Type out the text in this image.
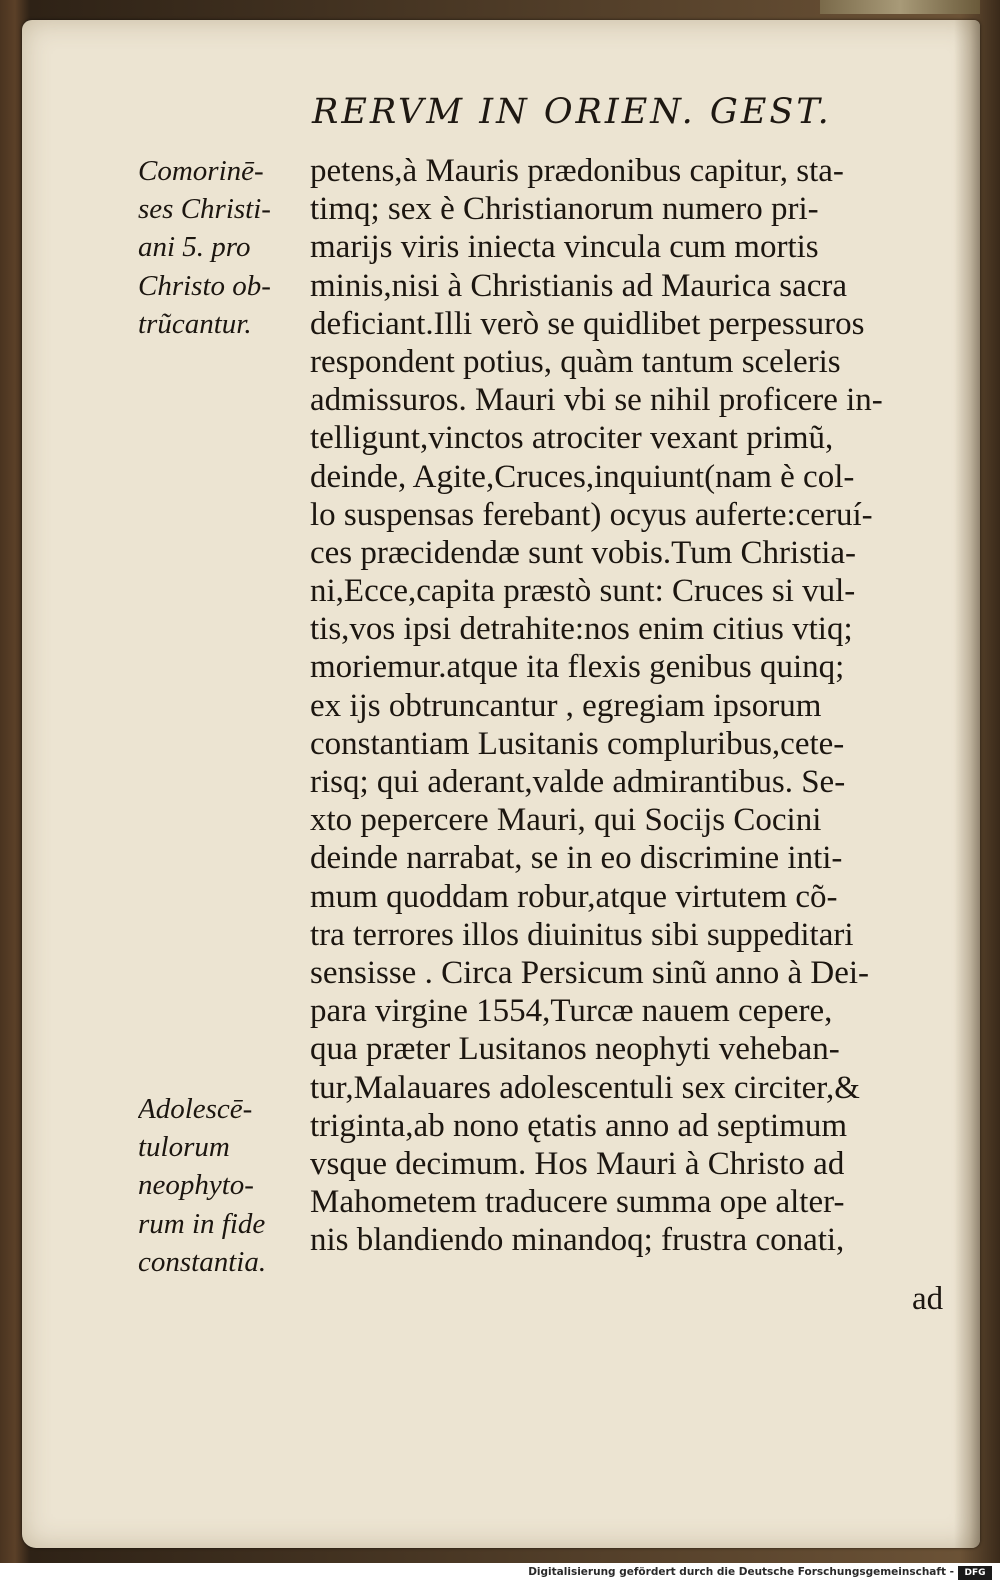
RERVM IN ORIEN. GEST.
Comorinē-
ses Christi-
ani 5. pro
Christo ob-
trũcantur.
Adolescē-
tulorum
neophyto-
rum in fide
constantia.
petens,à Mauris prædonibus capitur, sta-
timq; sex è Christianorum numero pri-
marijs viris iniecta vincula cum mortis
minis,nisi à Christianis ad Maurica sacra
deficiant.Illi verò se quidlibet perpessuros
respondent potius, quàm tantum sceleris
admissuros. Mauri vbi se nihil proficere in-
telligunt,vinctos atrociter vexant primũ,
deinde, Agite,Cruces,inquiunt(nam è col-
lo suspensas ferebant) ocyus auferte:ceruí-
ces præcidendæ sunt vobis.Tum Christia-
ni,Ecce,capita præstò sunt: Cruces si vul-
tis,vos ipsi detrahite:nos enim citius vtiq;
moriemur.atque ita flexis genibus quinq;
ex ijs obtruncantur , egregiam ipsorum
constantiam Lusitanis compluribus,cete-
risq; qui aderant,valde admirantibus. Se-
xto pepercere Mauri, qui Socijs Cocini
deinde narrabat, se in eo discrimine inti-
mum quoddam robur,atque virtutem cõ-
tra terrores illos diuinitus sibi suppeditari
sensisse . Circa Persicum sinũ anno à Dei-
para virgine 1554,Turcæ nauem cepere,
qua præter Lusitanos neophyti veheban-
tur,Malauares adolescentuli sex circiter,&
triginta,ab nono ętatis anno ad septimum
vsque decimum. Hos Mauri à Christo ad
Mahometem traducere summa ope alter-
nis blandiendo minandoq; frustra conati,
ad
Digitalisierung gefördert durch die Deutsche Forschungsgemeinschaft -	DFG
